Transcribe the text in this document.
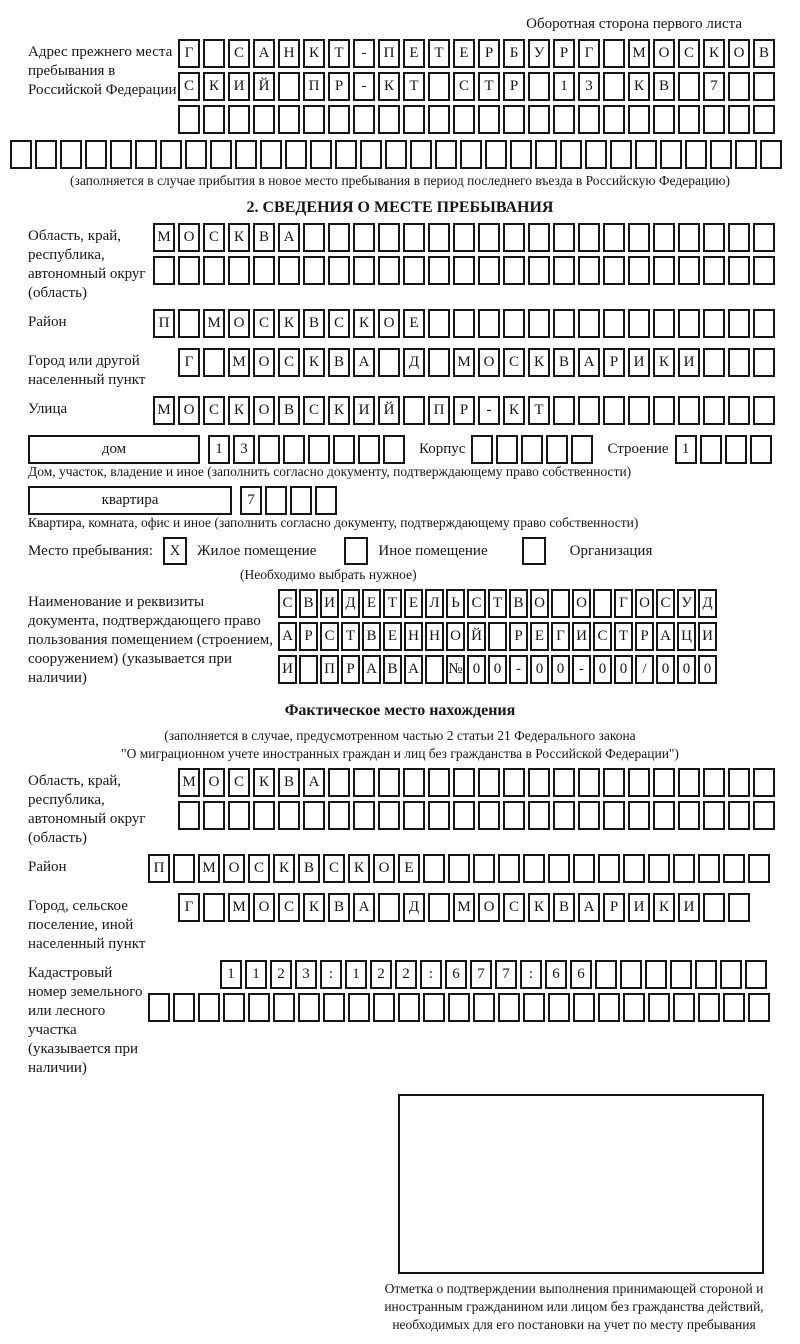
Оборотная сторона первого листа
Адрес прежнего места пребывания в Российской Федерации
Г	С А Н К	Т	-	П Е	Т	Е	Р	Б	У	Р	Г	М О С К О В
С К И Й	П	Р	-	К	Т	С	Т	Р	1	3	К В	7
(заполняется в случае прибытия в новое место пребывания в период последнего въезда в Российскую Федерацию)
2. СВЕДЕНИЯ О МЕСТЕ ПРЕБЫВАНИЯ
Область, край, республика, автономный округ (область)
М О С К В А
Район	П	М О С К В С К О Е
Город или другой населенный пункт
Г	М О С К В А	Д	М О С К В А	Р	И К И
Улица	М О С К О В С К И Й	П	Р	-	К	Т
дом	1	3	Корпус	Строение 1
Дом, участок, владение и иное (заполнить согласно документу, подтверждающему право собственности)
квартира	7
Квартира, комната, офис и иное (заполнить согласно документу, подтверждающему право собственности)
Место пребывания:	X	Жилое помещение	Иное помещение	Организация
(Необходимо выбрать нужное)
Наименование и реквизиты документа, подтверждающего право пользования помещением (строением, сооружением) (указывается при наличии)
С В И Д Е Т Е Л Ь С Т В О О	Г О С У Д
А Р С Т В Е Н Н О Й	Р Е Г И С Т Р А Ц И
И П Р А В А № 0 0 - 0 0 - 0 0	/	0 0 0
Фактическое место нахождения
(заполняется в случае, предусмотренном частью 2 статьи 21 Федерального закона
"О миграционном учете иностранных граждан и лиц без гражданства в Российской Федерации")
Область, край, республика, автономный округ (область)
М О С К В А
Район	П	М О С К В С К О Е
Город, сельское поселение, иной населенный пункт
Г	М О С К В А	Д	М О С К В А	Р	И К И
Кадастровый номер земельного или лесного участка (указывается при наличии)
1	1	2	3	:	1	2	2	:	6	7	7	:	6	6
Отметка о подтверждении выполнения принимающей стороной и иностранным гражданином или лицом без гражданства действий, необходимых для его постановки на учет по месту пребывания
